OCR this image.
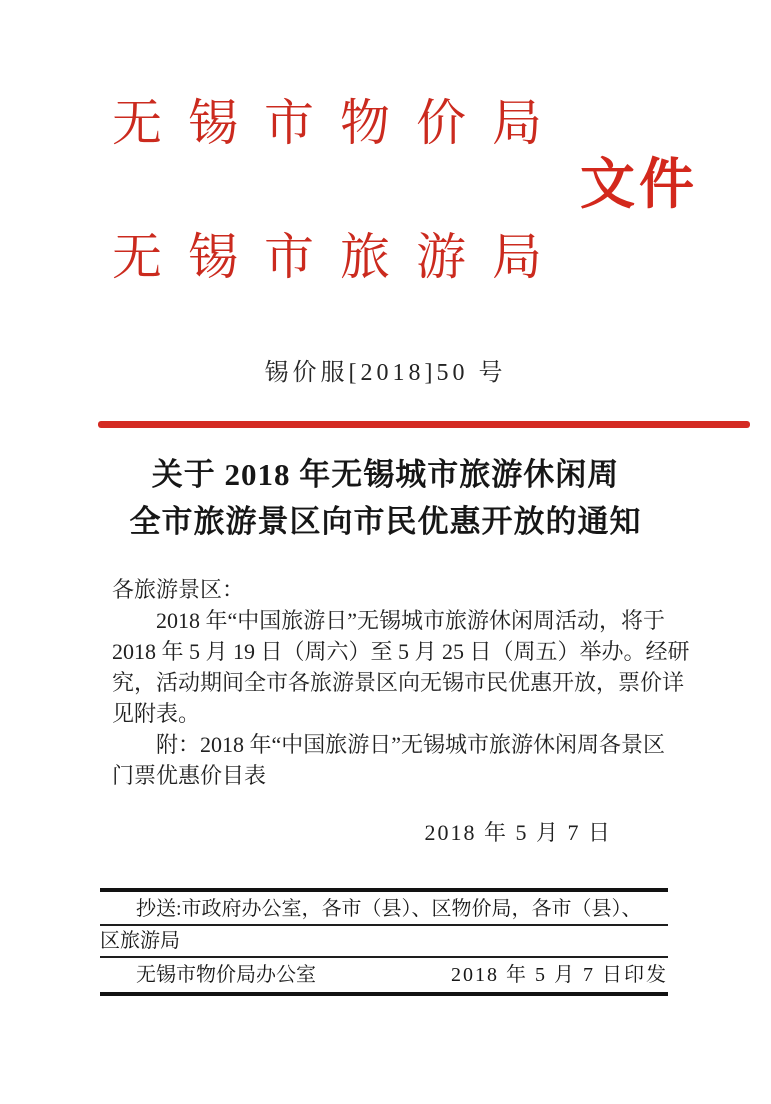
无锡市物价局
文件
无锡市旅游局
锡价服[2018]50 号
关于 2018 年无锡城市旅游休闲周
全市旅游景区向市民优惠开放的通知
各旅游景区：
2018 年“中国旅游日”无锡城市旅游休闲周活动，将于
2018 年 5 月 19 日（周六）至 5 月 25 日（周五）举办。经研
究，活动期间全市各旅游景区向无锡市民优惠开放，票价详
见附表。
附：2018 年“中国旅游日”无锡城市旅游休闲周各景区
门票优惠价目表
2018 年 5 月 7 日
抄送:市政府办公室，各市（县）、区物价局，各市（县）、
区旅游局
无锡市物价局办公室	2018 年 5 月 7 日印发
